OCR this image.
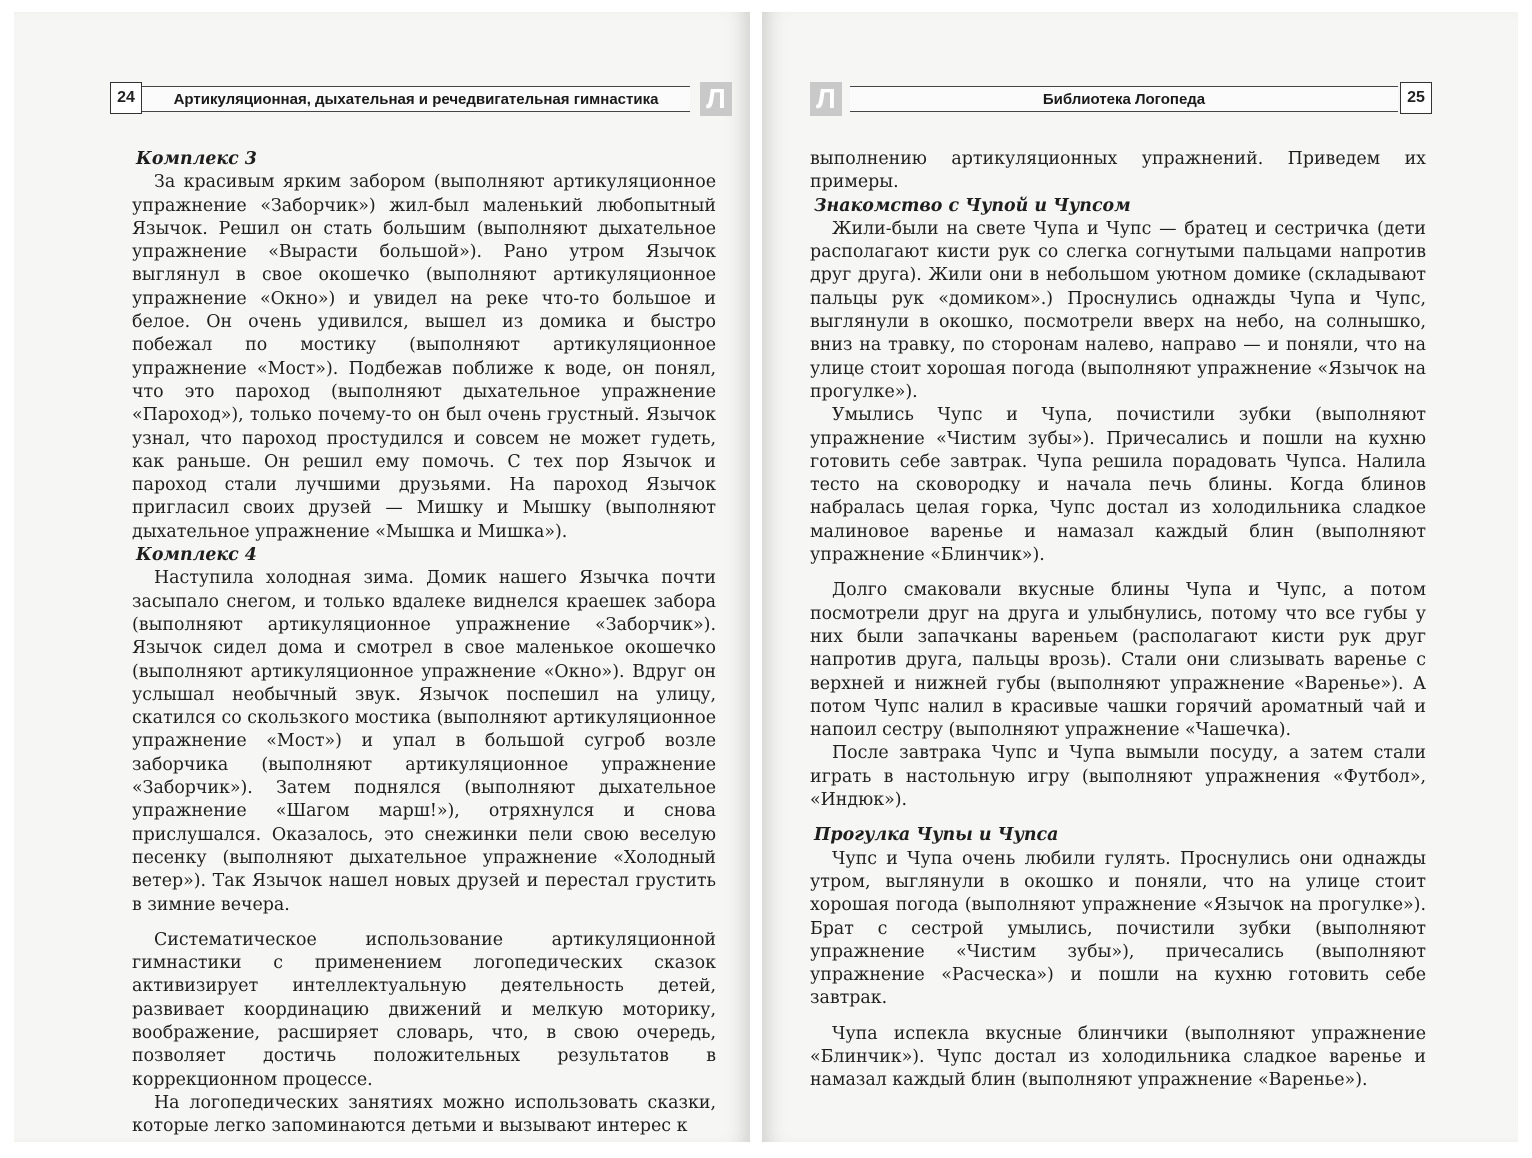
24	Артикуляционная, дыхательная и речедвигательная гимнастика	Л
Комплекс 3

За красивым ярким забором (выполняют артикуляционное упражнение «Заборчик») жил-был маленький любопытный Язычок. Решил он стать большим (выполняют дыхательное упражнение «Вырасти большой»). Рано утром Язычок выглянул в свое окошечко (выполняют артикуляционное упражнение «Окно») и увидел на реке что-то большое и белое. Он очень удивился, вышел из домика и быстро побежал по мостику (выполняют артикуляционное упражнение «Мост»). Подбежав поближе к воде, он понял, что это пароход (выполняют дыхательное упражнение «Пароход»), только почему-то он был очень грустный. Язычок узнал, что пароход простудился и совсем не может гудеть, как раньше. Он решил ему помочь. С тех пор Язычок и пароход стали лучшими друзьями. На пароход Язычок пригласил своих друзей — Мишку и Мышку (выполняют дыхательное упражнение «Мышка и Мишка»).

Комплекс 4

Наступила холодная зима. Домик нашего Язычка почти засыпало снегом, и только вдалеке виднелся краешек забора (выполняют артикуляционное упражнение «Заборчик»). Язычок сидел дома и смотрел в свое маленькое окошечко (выполняют артикуляционное упражнение «Окно»). Вдруг он услышал необычный звук. Язычок поспешил на улицу, скатился со скользкого мостика (выполняют артикуляционное упражнение «Мост») и упал в большой сугроб возле заборчика (выполняют артикуляционное упражнение «Заборчик»). Затем поднялся (выполняют дыхательное упражнение «Шагом марш!»), отряхнулся и снова прислушался. Оказалось, это снежинки пели свою веселую песенку (выполняют дыхательное упражнение «Холодный ветер»). Так Язычок нашел новых друзей и перестал грустить в зимние вечера.

Систематическое использование артикуляционной гимнастики с применением логопедических сказок активизирует интеллектуальную деятельность детей, развивает координацию движений и мелкую моторику, воображение, расширяет словарь, что, в свою очередь, позволяет достичь положительных результатов в коррекционном процессе.

На логопедических занятиях можно использовать сказки, которые легко запоминаются детьми и вызывают интерес к

Л	Библиотека Логопеда	25

выполнению артикуляционных упражнений. Приведем их примеры.

Знакомство с Чупой и Чупсом

Жили-были на свете Чупа и Чупс — братец и сестричка (дети располагают кисти рук со слегка согнутыми пальцами напротив друг друга). Жили они в небольшом уютном домике (складывают пальцы рук «домиком».) Проснулись однажды Чупа и Чупс, выглянули в окошко, посмотрели вверх на небо, на солнышко, вниз на травку, по сторонам налево, направо — и поняли, что на улице стоит хорошая погода (выполняют упражнение «Язычок на прогулке»).

Умылись Чупс и Чупа, почистили зубки (выполняют упражнение «Чистим зубы»). Причесались и пошли на кухню готовить себе завтрак. Чупа решила порадовать Чупса. Налила тесто на сковородку и начала печь блины. Когда блинов набралась целая горка, Чупс достал из холодильника сладкое малиновое варенье и намазал каждый блин (выполняют упражнение «Блинчик»).

Долго смаковали вкусные блины Чупа и Чупс, а потом посмотрели друг на друга и улыбнулись, потому что все губы у них были запачканы вареньем (располагают кисти рук друг напротив друга, пальцы врозь). Стали они слизывать варенье с верхней и нижней губы (выполняют упражнение «Варенье»). А потом Чупс налил в красивые чашки горячий ароматный чай и напоил сестру (выполняют упражнение «Чашечка).

После завтрака Чупс и Чупа вымыли посуду, а затем стали играть в настольную игру (выполняют упражнения «Футбол», «Индюк»).

Прогулка Чупы и Чупса

Чупс и Чупа очень любили гулять. Проснулись они однажды утром, выглянули в окошко и поняли, что на улице стоит хорошая погода (выполняют упражнение «Язычок на прогулке»). Брат с сестрой умылись, почистили зубки (выполняют упражнение «Чистим зубы»), причесались (выполняют упражнение «Расческа») и пошли на кухню готовить себе завтрак.

Чупа испекла вкусные блинчики (выполняют упражнение «Блинчик»). Чупс достал из холодильника сладкое варенье и намазал каждый блин (выполняют упражнение «Варенье»).
